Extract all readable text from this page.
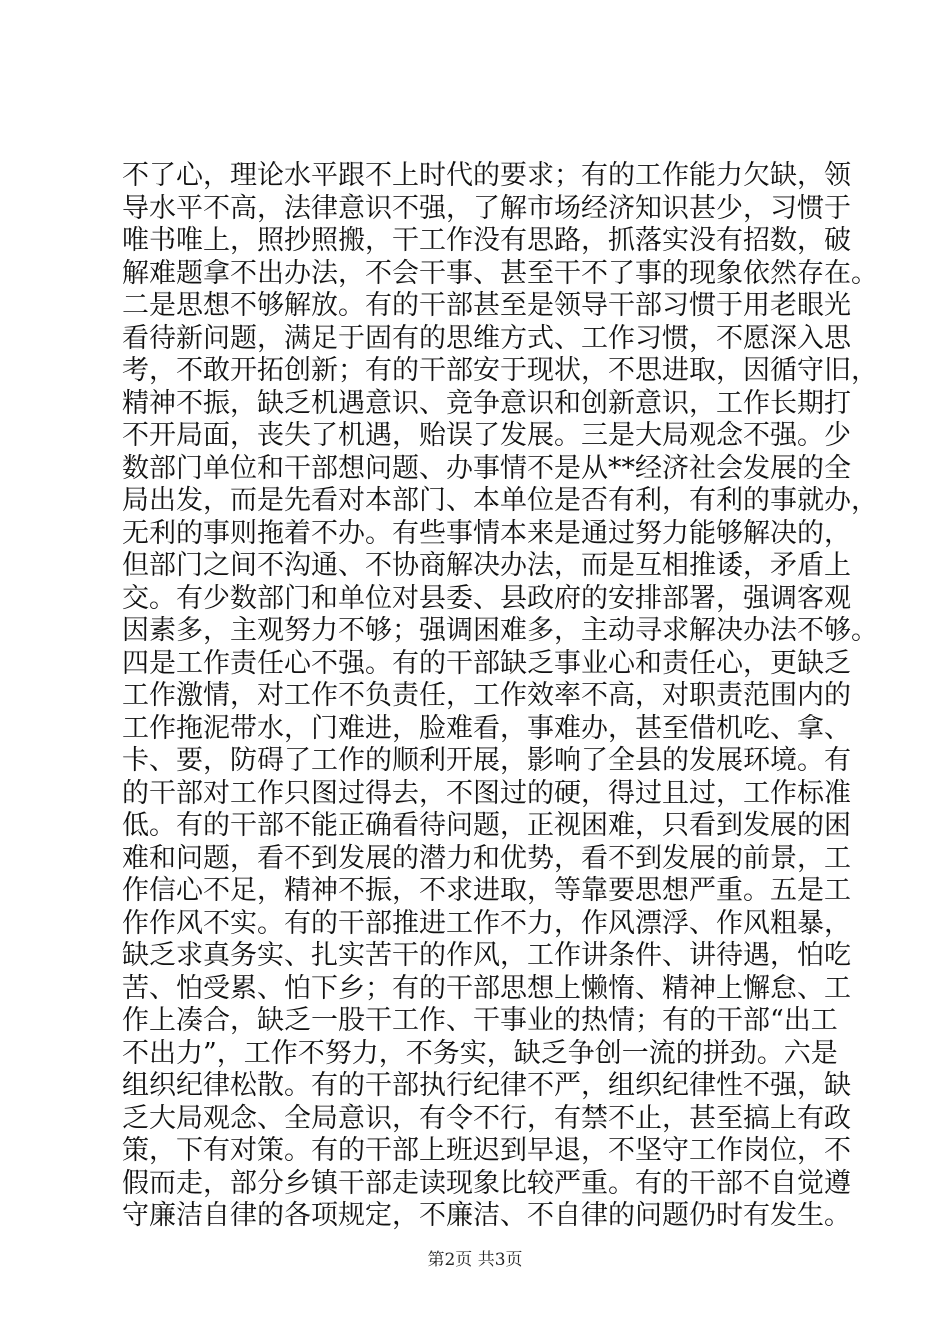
不了心，理论水平跟不上时代的要求；有的工作能力欠缺，领
导水平不高，法律意识不强，了解市场经济知识甚少，习惯于
唯书唯上，照抄照搬，干工作没有思路，抓落实没有招数，破
解难题拿不出办法，不会干事、甚至干不了事的现象依然存在。
二是思想不够解放。有的干部甚至是领导干部习惯于用老眼光
看待新问题，满足于固有的思维方式、工作习惯，不愿深入思
考，不敢开拓创新；有的干部安于现状，不思进取，因循守旧，
精神不振，缺乏机遇意识、竞争意识和创新意识，工作长期打
不开局面，丧失了机遇，贻误了发展。三是大局观念不强。少
数部门单位和干部想问题、办事情不是从**经济社会发展的全
局出发，而是先看对本部门、本单位是否有利，有利的事就办，
无利的事则拖着不办。有些事情本来是通过努力能够解决的，
但部门之间不沟通、不协商解决办法，而是互相推诿，矛盾上
交。有少数部门和单位对县委、县政府的安排部署，强调客观
因素多，主观努力不够；强调困难多，主动寻求解决办法不够。
四是工作责任心不强。有的干部缺乏事业心和责任心，更缺乏
工作激情，对工作不负责任，工作效率不高，对职责范围内的
工作拖泥带水，门难进，脸难看，事难办，甚至借机吃、拿、
卡、要，防碍了工作的顺利开展，影响了全县的发展环境。有
的干部对工作只图过得去，不图过的硬，得过且过，工作标准
低。有的干部不能正确看待问题，正视困难，只看到发展的困
难和问题，看不到发展的潜力和优势，看不到发展的前景，工
作信心不足，精神不振，不求进取，等靠要思想严重。五是工
作作风不实。有的干部推进工作不力，作风漂浮、作风粗暴，
缺乏求真务实、扎实苦干的作风，工作讲条件、讲待遇，怕吃
苦、怕受累、怕下乡；有的干部思想上懒惰、精神上懈怠、工
作上凑合，缺乏一股干工作、干事业的热情；有的干部“出工
不出力”，工作不努力，不务实，缺乏争创一流的拼劲。六是
组织纪律松散。有的干部执行纪律不严，组织纪律性不强，缺
乏大局观念、全局意识，有令不行，有禁不止，甚至搞上有政
策，下有对策。有的干部上班迟到早退，不坚守工作岗位，不
假而走，部分乡镇干部走读现象比较严重。有的干部不自觉遵
守廉洁自律的各项规定，不廉洁、不自律的问题仍时有发生。
第2页 共3页
